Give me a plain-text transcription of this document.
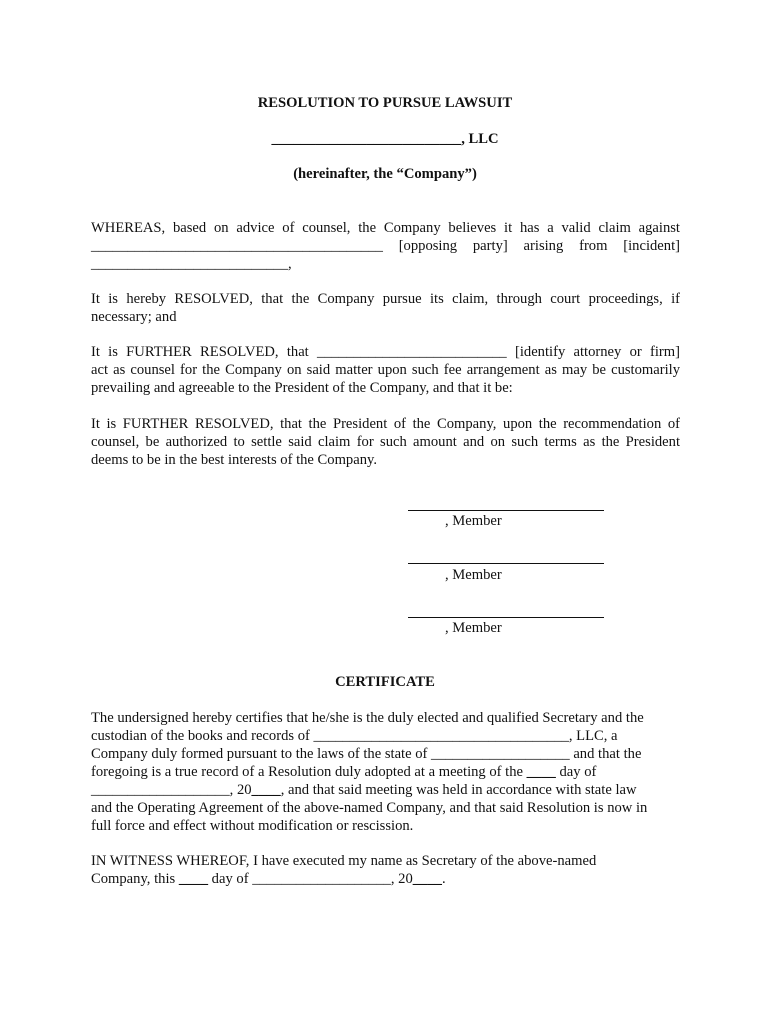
RESOLUTION TO PURSUE LAWSUIT
__________________________, LLC
(hereinafter, the “Company”)
WHEREAS, based on advice of counsel, the Company believes it has a valid claim against
________________________________________ [opposing party] arising from [incident]
___________________________,
It is hereby RESOLVED, that the Company pursue its claim, through court proceedings, if
necessary; and
It is FURTHER RESOLVED, that __________________________ [identify attorney or firm]
act as counsel for the Company on said matter upon such fee arrangement as may be customarily
prevailing and agreeable to the President of the Company, and that it be:
It is FURTHER RESOLVED, that the President of the Company, upon the recommendation of
counsel, be authorized to settle said claim for such amount and on such terms as the President
deems to be in the best interests of the Company.
, Member
, Member
, Member
CERTIFICATE
The undersigned hereby certifies that he/she is the duly elected and qualified Secretary and the
custodian of the books and records of ___________________________________, LLC, a
Company duly formed pursuant to the laws of the state of ___________________ and that the
foregoing is a true record of a Resolution duly adopted at a meeting of the ____ day of
___________________, 20____, and that said meeting was held in accordance with state law
and the Operating Agreement of the above-named Company, and that said Resolution is now in
full force and effect without modification or rescission.
IN WITNESS WHEREOF, I have executed my name as Secretary of the above-named
Company, this ____ day of ___________________, 20____.
